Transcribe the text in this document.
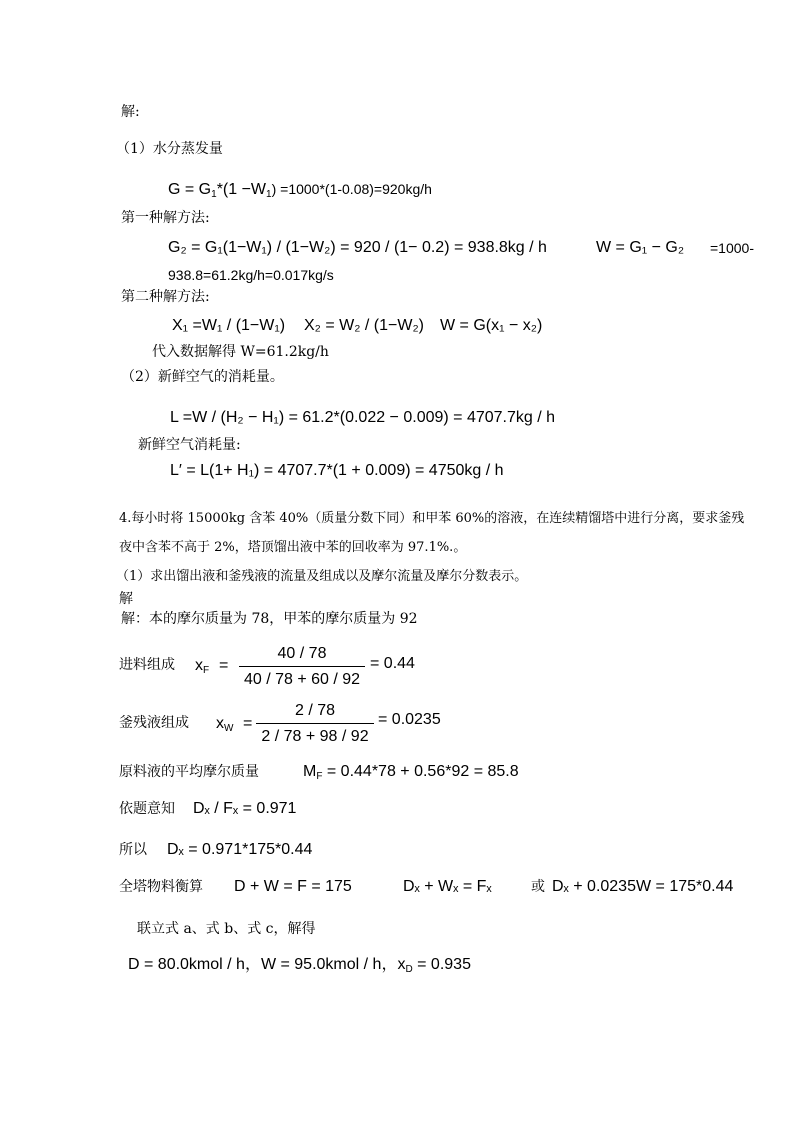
解:
（1）水分蒸发量
$G = G_1*(1 -W_1) =1000*(1-0.08)=920kg/h$
第一种解方法:
G₂ = G₁(1−W₁) / (1−W₂) = 920 / (1− 0.2) = 938.8kg / h	W = G₁ − G₂ =1000-
938.8=61.2kg/h=0.017kg/s
第二种解方法:
X₁ =W₁ / (1−W₁) X₂ = W₂ / (1−W₂) W = G(x₁ − x₂)
代入数据解得 W=61.2kg/h
（2）新鲜空气的消耗量。
L =W / (H₂ − H₁) = 61.2*(0.022 − 0.009) = 4707.7kg / h
新鲜空气消耗量:
L′ = L(1+ H₁) = 4707.7*(1 + 0.009) = 4750kg / h
4.每小时将 15000kg 含苯 40%（质量分数下同）和甲苯 60%的溶液，在连续精馏塔中进行分离，要求釜残
夜中含苯不高于 2%，塔顶馏出液中苯的回收率为 97.1%.。
（1）求出馏出液和釜残液的流量及组成以及摩尔流量及摩尔分数表示。
解
解：本的摩尔质量为 78，甲苯的摩尔质量为 92
进料组成 $x_F$ =
40 / 78
40 / 78 + 60 / 92
= 0.44
釜残液组成 $x_W$ =
2 / 78
2 / 78 + 98 / 92
= 0.0235
原料液的平均摩尔质量	$M_F = 0.44*78 + 0.56*92 = 85.8$
依题意知 Dₓ / Fₓ = 0.971
所以 Dₓ = 0.971*175*0.44
全塔物料衡算 D + W = F = 175	Dₓ + Wₓ = Fₓ	或 Dₓ + 0.0235W = 175*0.44
联立式 a、式 b、式 c，解得
D = 80.0kmol / h，W = 95.0kmol / h，$x_D = 0.935$
